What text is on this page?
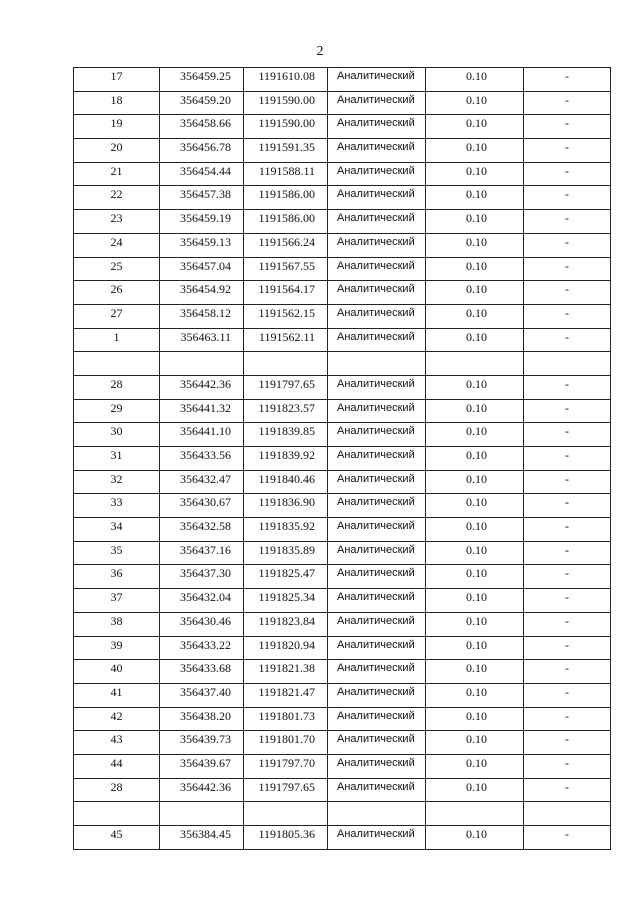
2
17	356459.25	1191610.08	Аналитический	0.10	-
18	356459.20	1191590.00	Аналитический	0.10	-
19	356458.66	1191590.00	Аналитический	0.10	-
20	356456.78	1191591.35	Аналитический	0.10	-
21	356454.44	1191588.11	Аналитический	0.10	-
22	356457.38	1191586.00	Аналитический	0.10	-
23	356459.19	1191586.00	Аналитический	0.10	-
24	356459.13	1191566.24	Аналитический	0.10	-
25	356457.04	1191567.55	Аналитический	0.10	-
26	356454.92	1191564.17	Аналитический	0.10	-
27	356458.12	1191562.15	Аналитический	0.10	-
1	356463.11	1191562.11	Аналитический	0.10	-

28	356442.36	1191797.65	Аналитический	0.10	-
29	356441.32	1191823.57	Аналитический	0.10	-
30	356441.10	1191839.85	Аналитический	0.10	-
31	356433.56	1191839.92	Аналитический	0.10	-
32	356432.47	1191840.46	Аналитический	0.10	-
33	356430.67	1191836.90	Аналитический	0.10	-
34	356432.58	1191835.92	Аналитический	0.10	-
35	356437.16	1191835.89	Аналитический	0.10	-
36	356437.30	1191825.47	Аналитический	0.10	-
37	356432.04	1191825.34	Аналитический	0.10	-
38	356430.46	1191823.84	Аналитический	0.10	-
39	356433.22	1191820.94	Аналитический	0.10	-
40	356433.68	1191821.38	Аналитический	0.10	-
41	356437.40	1191821.47	Аналитический	0.10	-
42	356438.20	1191801.73	Аналитический	0.10	-
43	356439.73	1191801.70	Аналитический	0.10	-
44	356439.67	1191797.70	Аналитический	0.10	-
28	356442.36	1191797.65	Аналитический	0.10	-

45	356384.45	1191805.36	Аналитический	0.10	-
